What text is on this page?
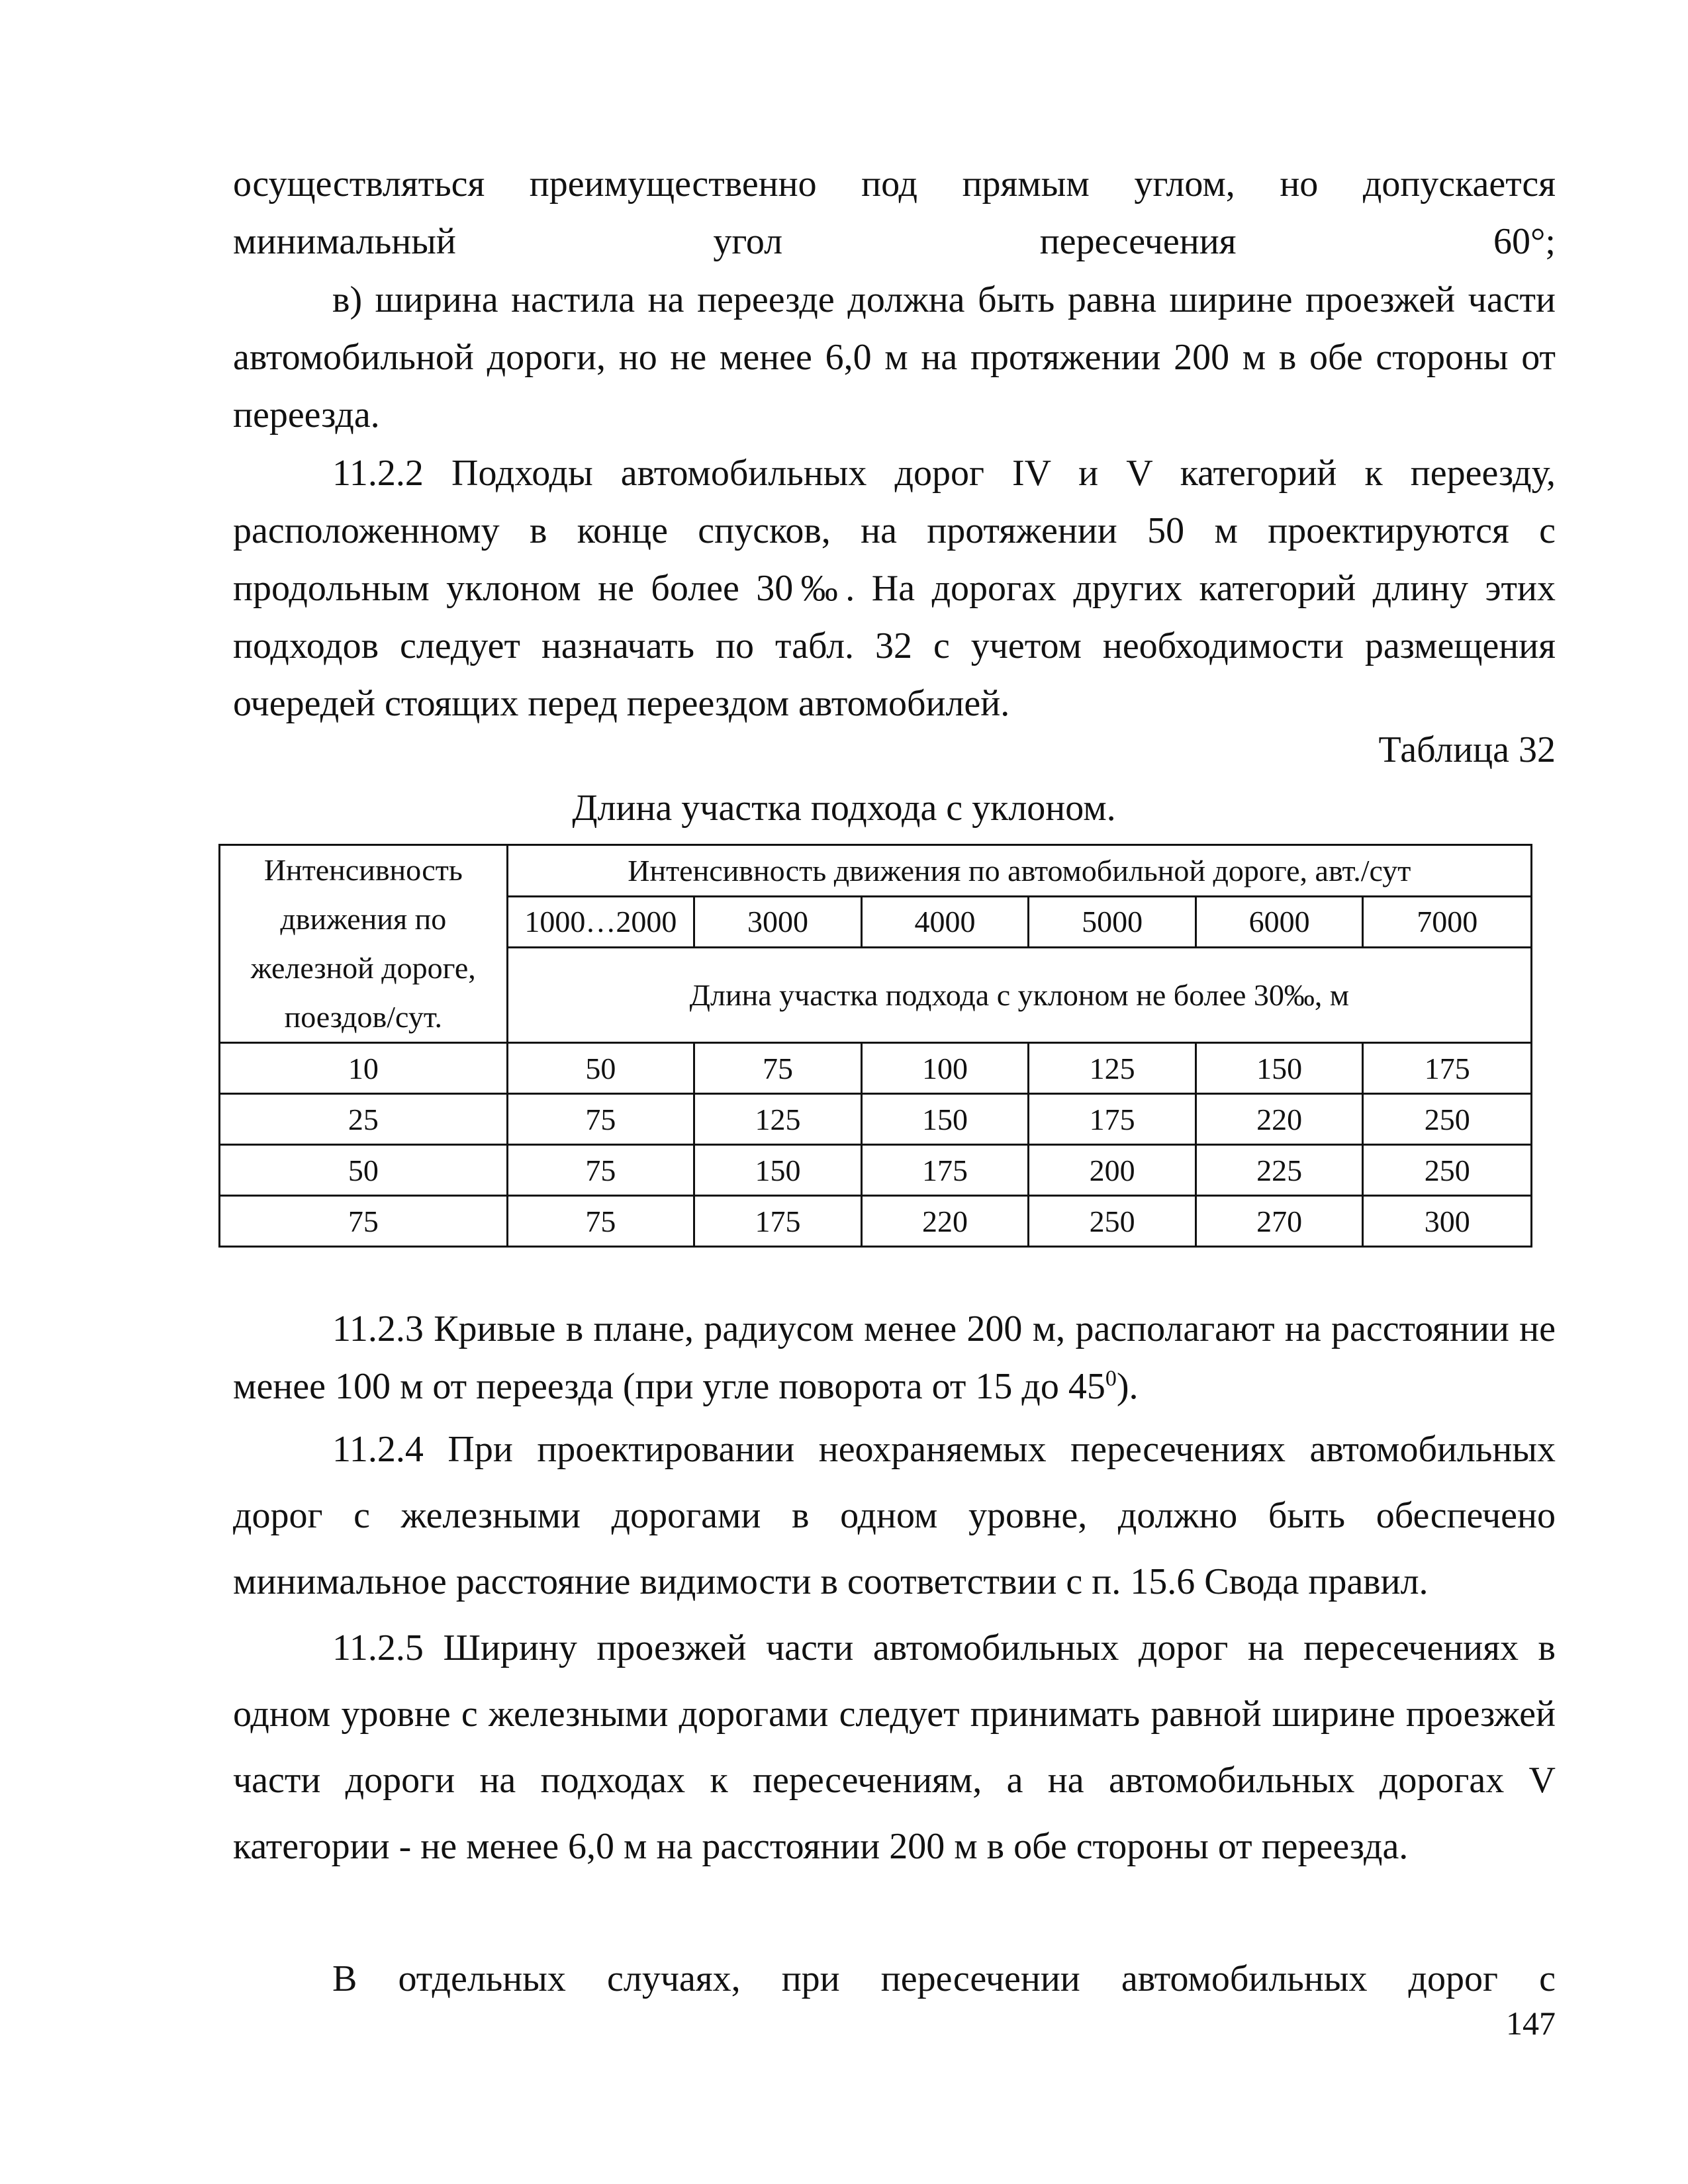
осуществляться преимущественно под прямым углом, но допускается минимальный угол пересечения 60°;

в) ширина настила на переезде должна быть равна ширине проезжей части автомобильной дороги, но не менее 6,0 м на протяжении 200 м в обе стороны от переезда.

11.2.2 Подходы автомобильных дорог IV и V категорий к переезду, расположенному в конце спусков, на протяжении 50 м проектируются с продольным уклоном не более 30‰. На дорогах других категорий длину этих подходов следует назначать по табл. 32 с учетом необходимости размещения очередей стоящих перед переездом автомобилей.

Таблица 32

Длина участка подхода с уклоном.

Интенсивность
движения по
железной дороге,
поездов/сут.	Интенсивность движения по автомобильной дороге, авт./сут					
	1000…2000	3000	4000	5000	6000	7000
	Длина участка подхода с уклоном не более 30‰, м					
10	50	75	100	125	150	175
25	75	125	150	175	220	250
50	75	150	175	200	225	250
75	75	175	220	250	270	300

11.2.3 Кривые в плане, радиусом менее 200 м, располагают на расстоянии не менее 100 м от переезда (при угле поворота от 15 до $45^0$).

11.2.4 При проектировании неохраняемых пересечениях автомобильных дорог с железными дорогами в одном уровне, должно быть обеспечено минимальное расстояние видимости в соответствии с п. 15.6 Свода правил.

11.2.5 Ширину проезжей части автомобильных дорог на пересечениях в одном уровне с железными дорогами следует принимать равной ширине проезжей части дороги на подходах к пересечениям, а на автомобильных дорогах V категории - не менее 6,0 м на расстоянии 200 м в обе стороны от переезда.

В отдельных случаях, при пересечении автомобильных дорог с

147
